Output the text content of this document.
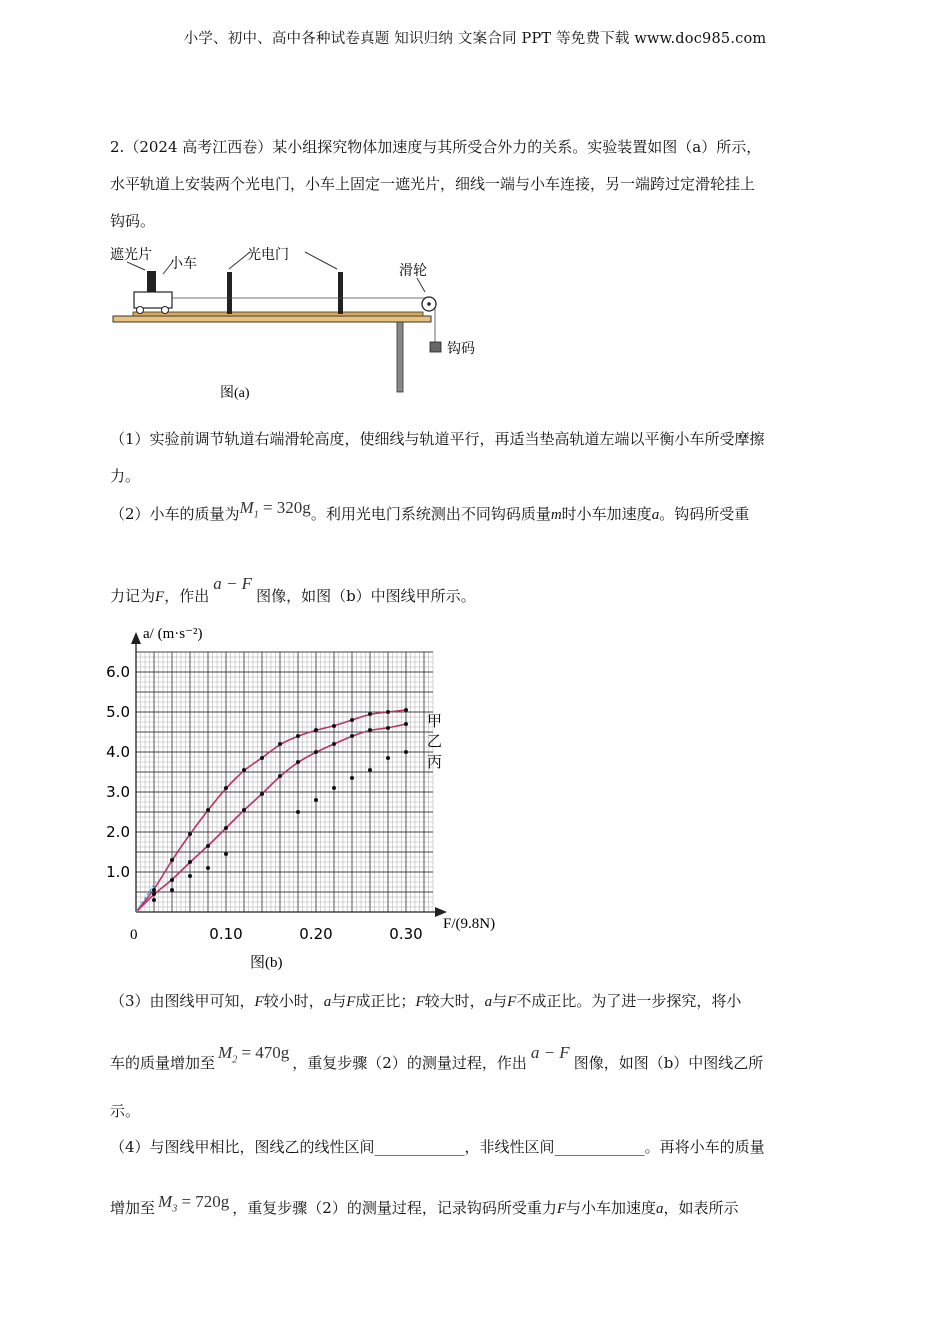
小学、初中、高中各种试卷真题 知识归纳 文案合同 PPT 等免费下载 www.doc985.com
2.（2024 高考江西卷）某小组探究物体加速度与其所受合外力的关系。实验装置如图（a）所示，
水平轨道上安装两个光电门，小车上固定一遮光片，细线一端与小车连接，另一端跨过定滑轮挂上
钩码。
遮光片
小车
光电门
滑轮
钩码
图(a)
（1）实验前调节轨道右端滑轮高度，使细线与轨道平行，再适当垫高轨道左端以平衡小车所受摩擦
力。
（2）小车的质量为$M_1 = 320g$。利用光电门系统测出不同钩码质量m时小车加速度a。钩码所受重
力记为F，作出a − F图像，如图（b）中图线甲所示。
a/ (m·s⁻²)
F/(9.8N)
0	0.10	0.20	0.30
1.0
2.0
3.0
4.0
5.0
6.0
甲
乙
丙
图(b)
（3）由图线甲可知，F较小时，a与F成正比；F较大时，a与F不成正比。为了进一步探究，将小
车的质量增加至$M_2 = 470g$，重复步骤（2）的测量过程，作出a − F图像，如图（b）中图线乙所
示。
（4）与图线甲相比，图线乙的线性区间____________，非线性区间____________。再将小车的质量
增加至 $M_3 = 720g$ ，重复步骤（2）的测量过程，记录钩码所受重力F与小车加速度a，如表所示
